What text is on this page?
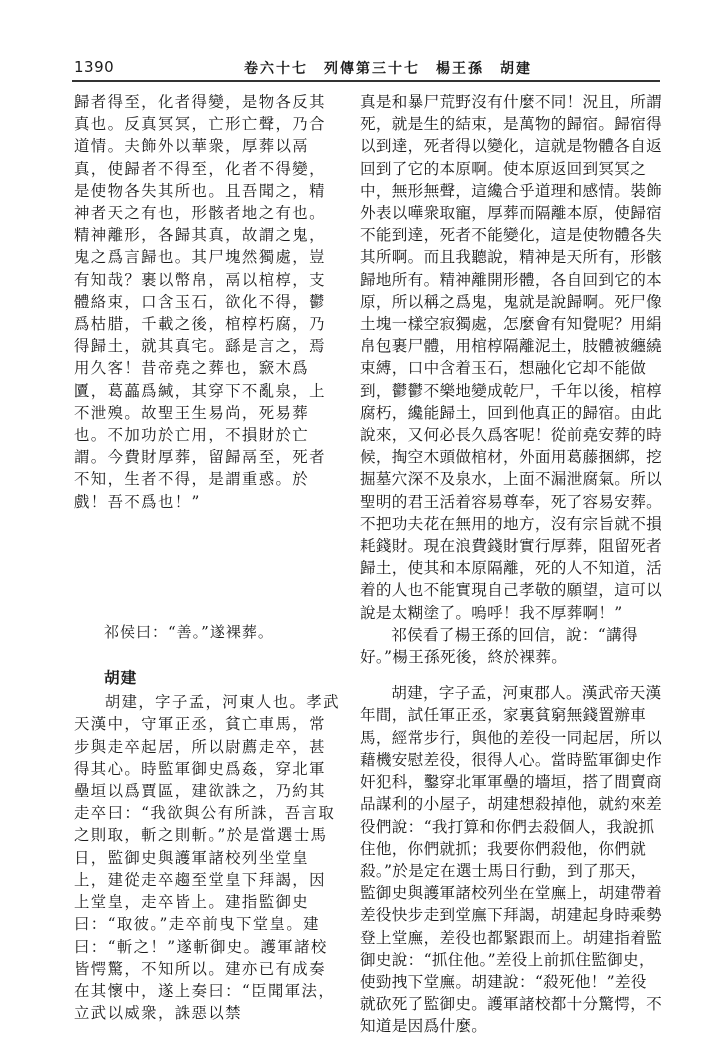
1390	卷六十七　列傳第三十七　楊王孫　胡建

歸者得至，化者得變，是物各反其真也。反真冥冥，亡形亡聲，乃合道情。夫飾外以華衆，厚葬以鬲真，使歸者不得至，化者不得變，是使物各失其所也。且吾聞之，精神者天之有也，形骸者地之有也。精神離形，各歸其真，故謂之鬼，鬼之爲言歸也。其尸塊然獨處，豈有知哉？裹以幣帛，鬲以棺椁，支體絡束，口含玉石，欲化不得，鬱爲枯腊，千載之後，棺椁朽腐，乃得歸土，就其真宅。繇是言之，焉用久客！昔帝堯之葬也，窾木爲匵，葛藟爲緘，其穿下不亂泉，上不泄殠。故聖王生易尚，死易葬也。不加功於亡用，不損財於亡謂。今費財厚葬，留歸鬲至，死者不知，生者不得，是謂重惑。於戲！吾不爲也！”

祁侯曰：“善。”遂裸葬。

胡建

胡建，字子孟，河東人也。孝武天漢中，守軍正丞，貧亡車馬，常步與走卒起居，所以尉薦走卒，甚得其心。時監軍御史爲姦，穿北軍壘垣以爲賈區，建欲誅之，乃約其走卒曰：“我欲與公有所誅，吾言取之則取，斬之則斬。”於是當選士馬日，監御史與護軍諸校列坐堂皇上，建從走卒趨至堂皇下拜謁，因上堂皇，走卒皆上。建指監御史曰：“取彼。”走卒前曳下堂皇。建曰：“斬之！”遂斬御史。護軍諸校皆愕驚，不知所以。建亦已有成奏在其懷中，遂上奏曰：“臣聞軍法，立武以威衆，誅惡以禁

真是和暴尸荒野沒有什麼不同！況且，所謂死，就是生的結束，是萬物的歸宿。歸宿得以到達，死者得以變化，這就是物體各自返回到了它的本原啊。使本原返回到冥冥之中，無形無聲，這纔合乎道理和感情。裝飾外表以嘩衆取寵，厚葬而隔離本原，使歸宿不能到達，死者不能變化，這是使物體各失其所啊。而且我聽說，精神是天所有，形骸歸地所有。精神離開形體，各自回到它的本原，所以稱之爲鬼，鬼就是說歸啊。死尸像土塊一樣空寂獨處，怎麼會有知覺呢？用絹帛包裹尸體，用棺椁隔離泥土，肢體被纏繞束縛，口中含着玉石，想融化它却不能做到，鬱鬱不樂地變成乾尸，千年以後，棺椁腐朽，纔能歸土，回到他真正的歸宿。由此說來，又何必長久爲客呢！從前堯安葬的時候，掏空木頭做棺材，外面用葛藤捆綁，挖掘墓穴深不及泉水，上面不漏泄腐氣。所以聖明的君王活着容易尊奉，死了容易安葬。不把功夫花在無用的地方，沒有宗旨就不損耗錢財。現在浪費錢財實行厚葬，阻留死者歸土，使其和本原隔離，死的人不知道，活着的人也不能實現自己孝敬的願望，這可以說是太糊塗了。嗚呼！我不厚葬啊！”

祁侯看了楊王孫的回信，說：“講得好。”楊王孫死後，終於裸葬。

胡建，字子孟，河東郡人。漢武帝天漢年間，試任軍正丞，家裏貧窮無錢置辦車馬，經常步行，與他的差役一同起居，所以藉機安慰差役，很得人心。當時監軍御史作奸犯科，鑿穿北軍軍壘的墻垣，搭了間賣商品謀利的小屋子，胡建想殺掉他，就約來差役們說：“我打算和你們去殺個人，我說抓住他，你們就抓；我要你們殺他，你們就殺。”於是定在選士馬日行動，到了那天，監御史與護軍諸校列坐在堂廡上，胡建帶着差役快步走到堂廡下拜謁，胡建起身時乘勢登上堂廡，差役也都緊跟而上。胡建指着監御史說：“抓住他。”差役上前抓住監御史，使勁拽下堂廡。胡建說：“殺死他！”差役就砍死了監御史。護軍諸校都十分驚愕，不知道是因爲什麼。
